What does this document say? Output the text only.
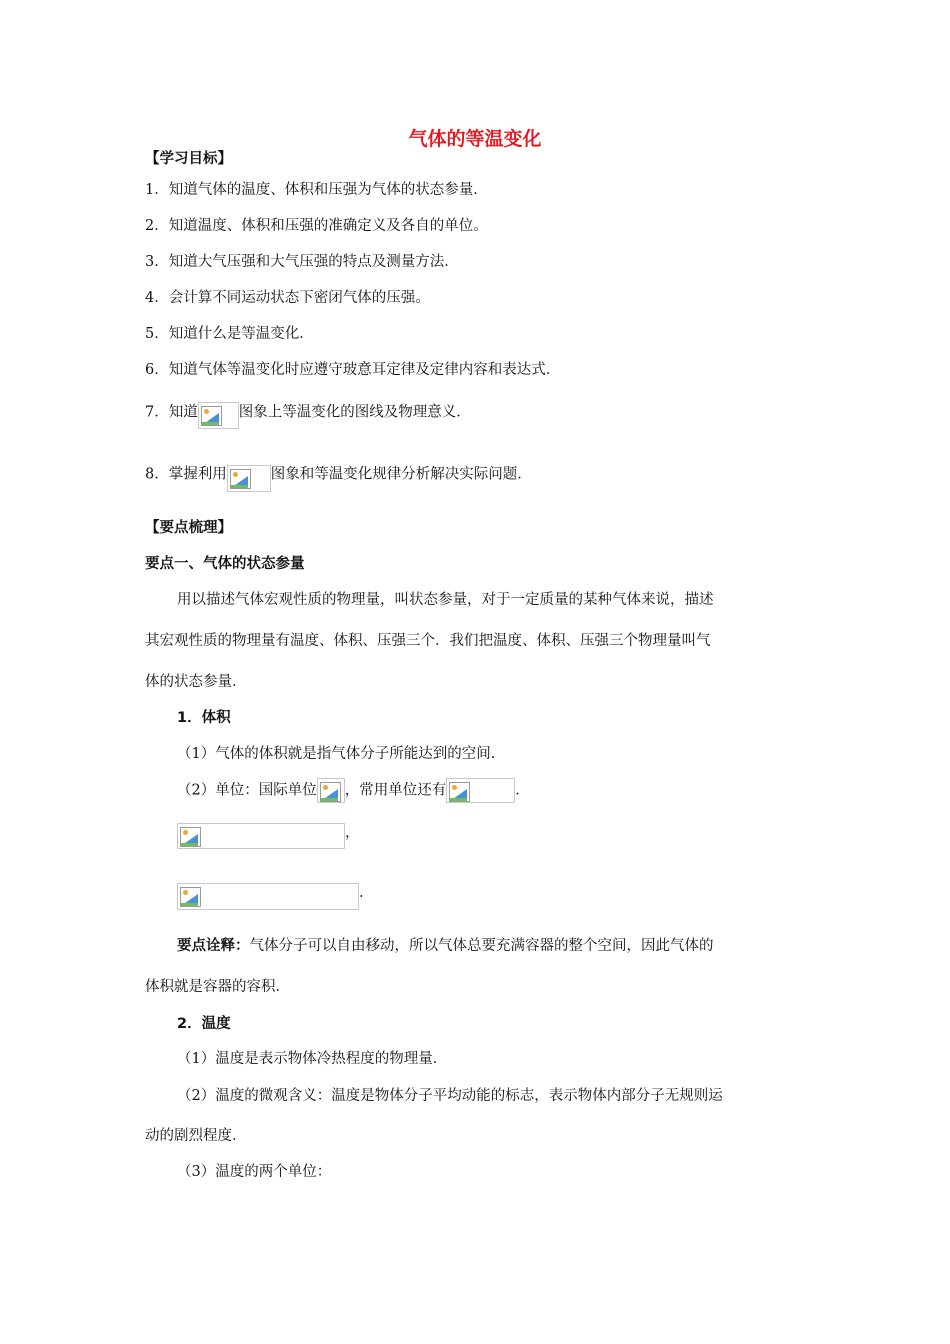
气体的等温变化
【学习目标】
1．知道气体的温度、体积和压强为气体的状态参量．
2．知道温度、体积和压强的准确定义及各自的单位。
3．知道大气压强和大气压强的特点及测量方法．
4．会计算不同运动状态下密闭气体的压强。
5．知道什么是等温变化．
6．知道气体等温变化时应遵守玻意耳定律及定律内容和表达式．
7．知道	图象上等温变化的图线及物理意义．
8．掌握利用	图象和等温变化规律分析解决实际问题．
【要点梳理】
要点一、气体的状态参量
用以描述气体宏观性质的物理量，叫状态参量，对于一定质量的某种气体来说，描述
其宏观性质的物理量有温度、体积、压强三个．我们把温度、体积、压强三个物理量叫气
体的状态参量．
1．体积
（1）气体的体积就是指气体分子所能达到的空间．
（2）单位：国际单位 ，常用单位还有	．
，
．
要点诠释：气体分子可以自由移动，所以气体总要充满容器的整个空间，因此气体的
体积就是容器的容积．
2．温度
（1）温度是表示物体冷热程度的物理量．
（2）温度的微观含义：温度是物体分子平均动能的标志，表示物体内部分子无规则运
动的剧烈程度．
（3）温度的两个单位：
